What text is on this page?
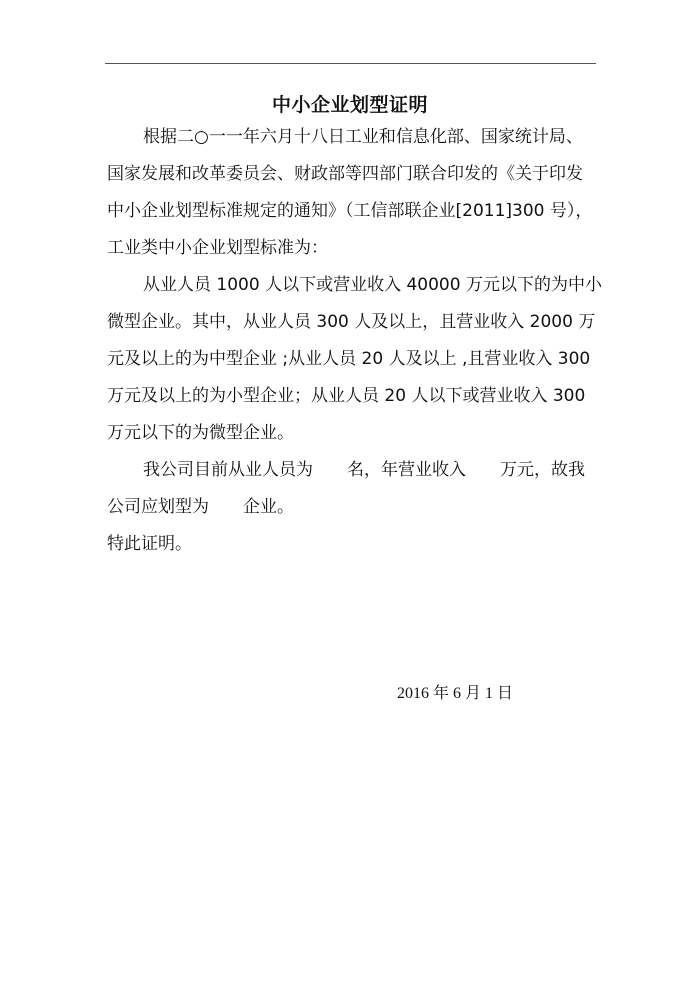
中小企业划型证明
根据二○一一年六月十八日工业和信息化部、国家统计局、
国家发展和改革委员会、财政部等四部门联合印发的《关于印发
中小企业划型标准规定的通知》（工信部联企业[2011]300 号），
工业类中小企业划型标准为：
从业人员 1000 人以下或营业收入 40000 万元以下的为中小
微型企业。其中，从业人员 300 人及以上，且营业收入 2000 万
元及以上的为中型企业 ;从业人员 20 人及以上 ,且营业收入 300
万元及以上的为小型企业；从业人员 20 人以下或营业收入 300
万元以下的为微型企业。
我公司目前从业人员为　　名，年营业收入　　万元，故我
公司应划型为　　企业。
特此证明。
2016 年 6 月 1 日
